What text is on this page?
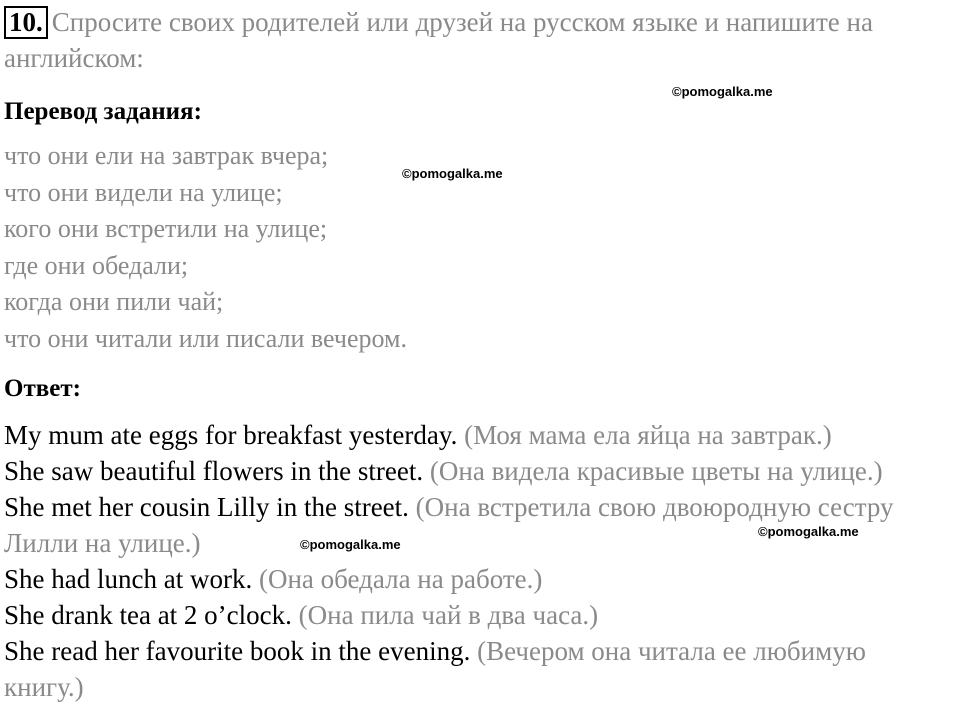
10. Спросите своих родителей или друзей на русском языке и напишите на
английском:
Перевод задания:
что они ели на завтрак вчера;
что они видели на улице;
кого они встретили на улице;
где они обедали;
когда они пили чай;
что они читали или писали вечером.
Ответ:
My mum ate eggs for breakfast yesterday. (Моя мама ела яйца на завтрак.)
She saw beautiful flowers in the street. (Она видела красивые цветы на улице.)
She met her cousin Lilly in the street. (Она встретила свою двоюродную сестру
Лилли на улице.)
She had lunch at work. (Она обедала на работе.)
She drank tea at 2 o’clock. (Она пила чай в два часа.)
She read her favourite book in the evening. (Вечером она читала ее любимую
книгу.)
©pomogalka.me
©pomogalka.me
©pomogalka.me
©pomogalka.me
